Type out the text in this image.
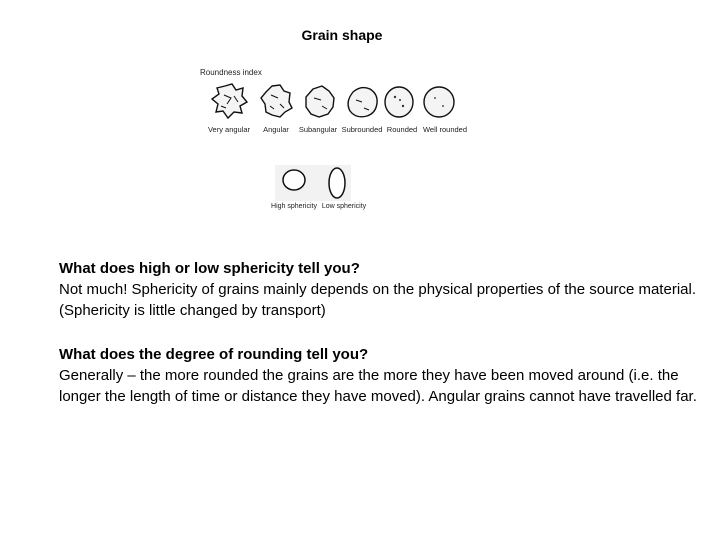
Grain shape
Roundness index
Very angular Angular Subangular Subrounded Rounded Well rounded
High sphericity Low sphericity

What does high or low sphericity tell you?

Not much! Sphericity of grains mainly depends on the physical properties of the source material. (Sphericity is little changed by transport)

What does the degree of rounding tell you?

Generally – the more rounded the grains are the more they have been moved around (i.e. the longer the length of time or distance they have moved). Angular grains cannot have travelled far.
